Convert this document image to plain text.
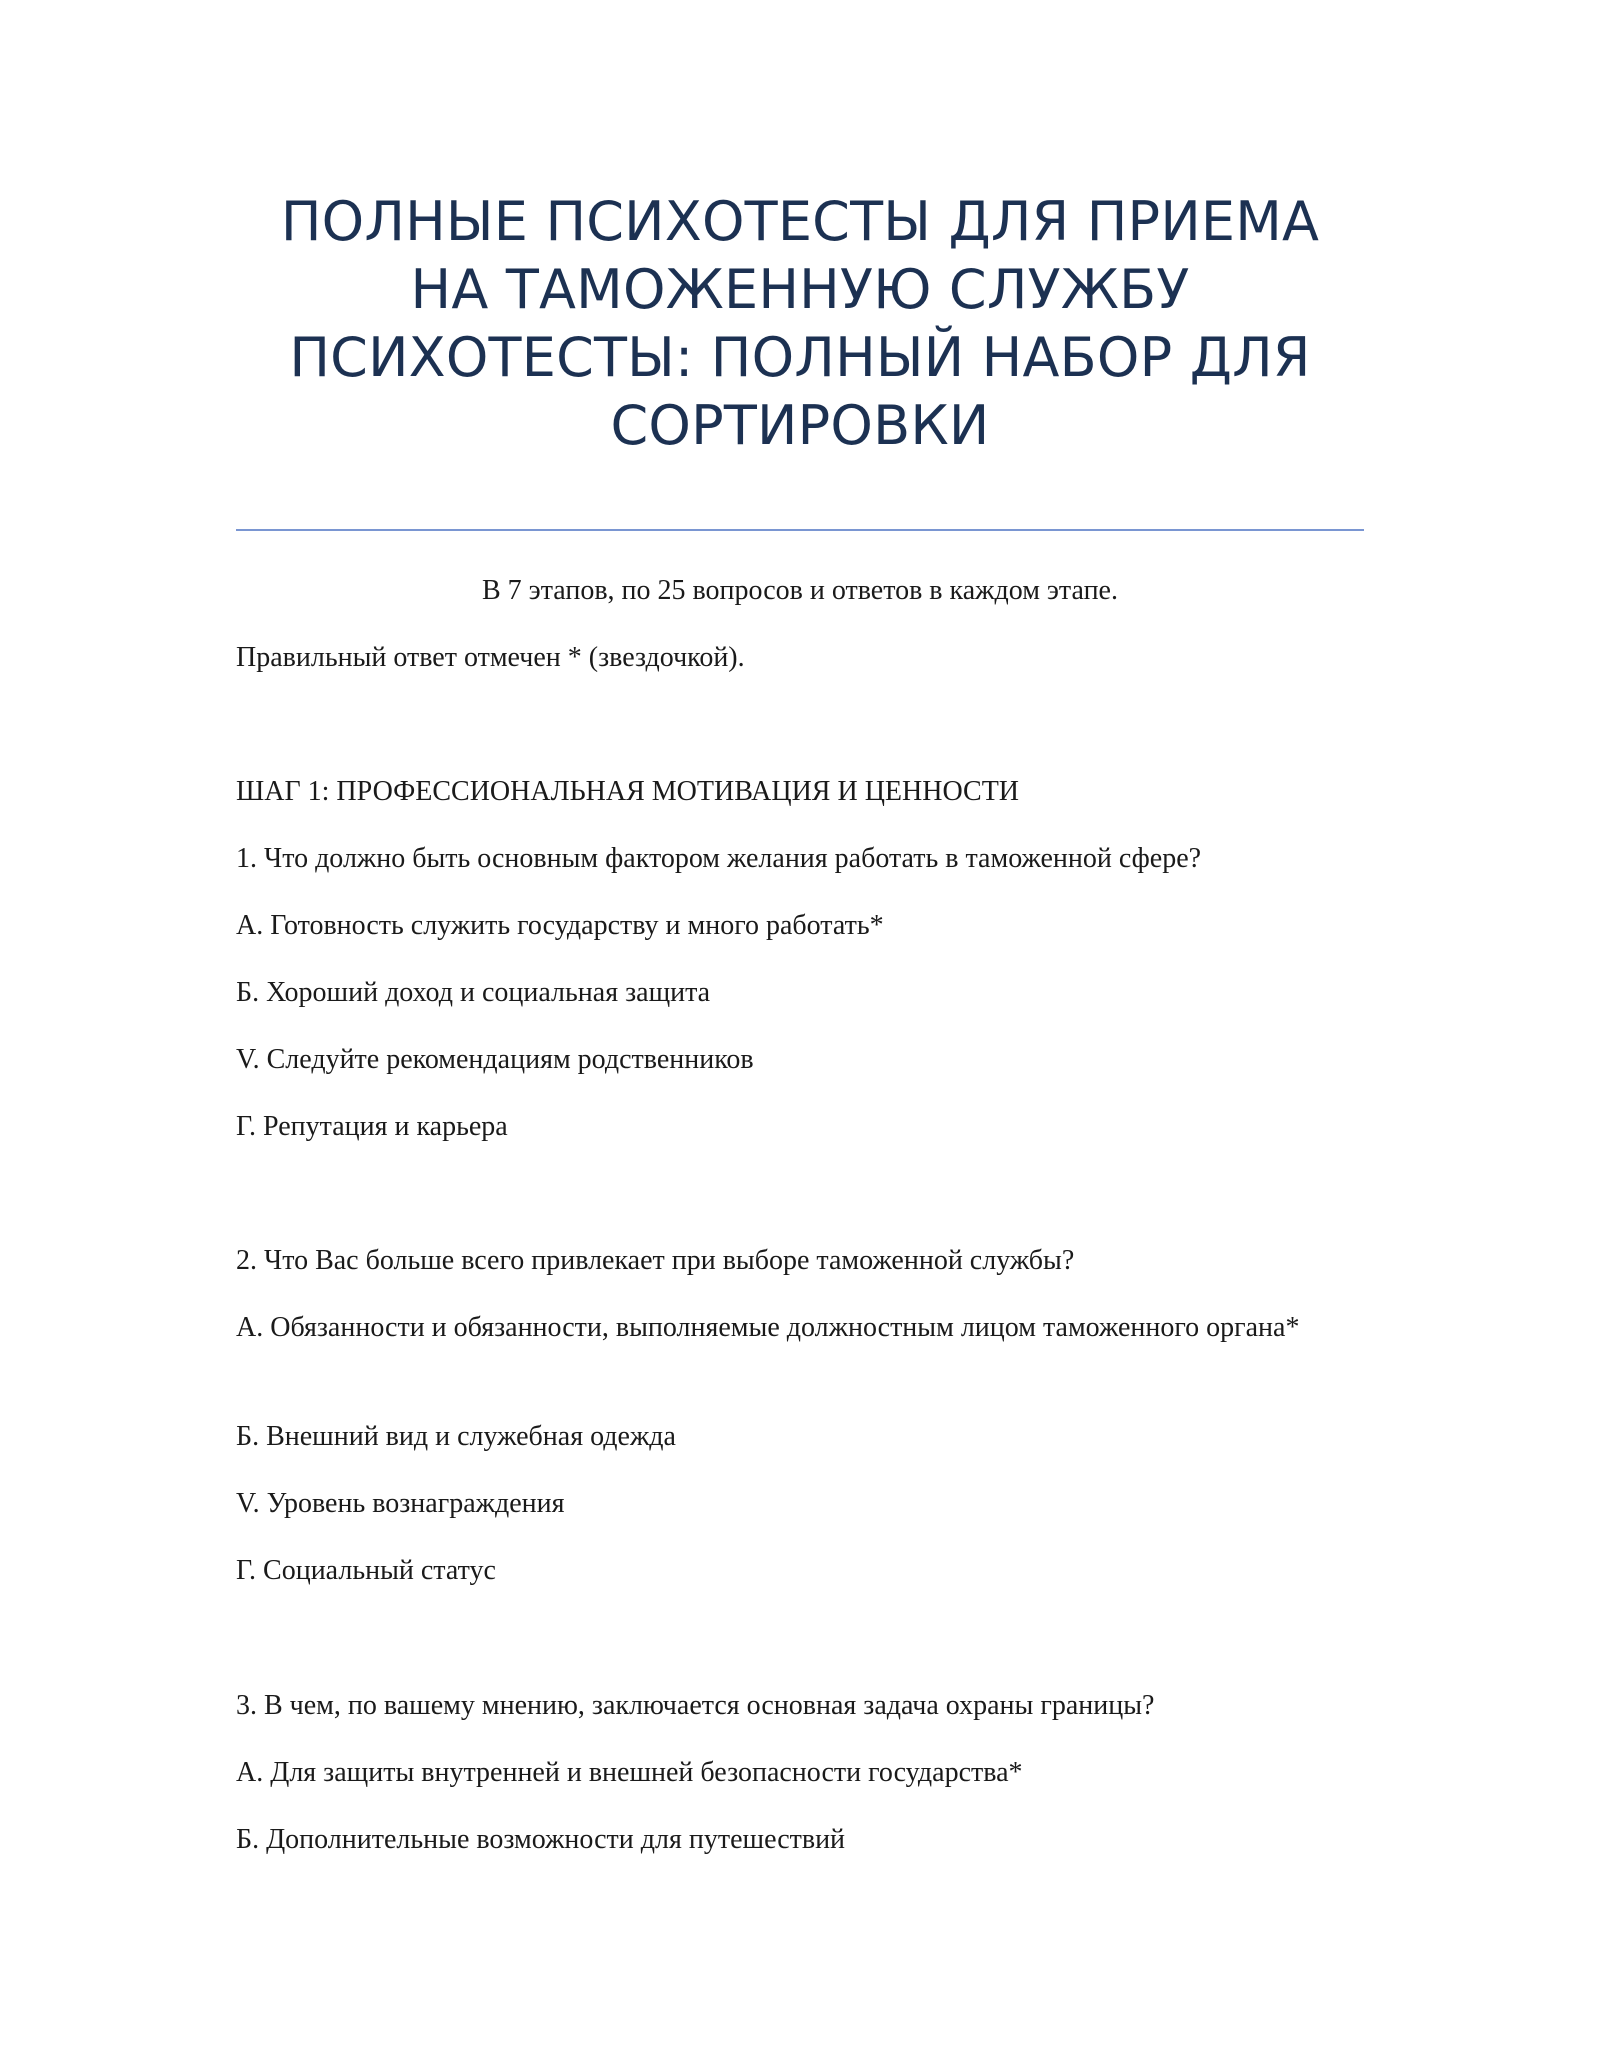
ПОЛНЫЕ ПСИХОТЕСТЫ ДЛЯ ПРИЕМА
НА ТАМОЖЕННУЮ СЛУЖБУ
ПСИХОТЕСТЫ: ПОЛНЫЙ НАБОР ДЛЯ
СОРТИРОВКИ

В 7 этапов, по 25 вопросов и ответов в каждом этапе.

Правильный ответ отмечен * (звездочкой).

ШАГ 1: ПРОФЕССИОНАЛЬНАЯ МОТИВАЦИЯ И ЦЕННОСТИ

1. Что должно быть основным фактором желания работать в таможенной сфере?

А. Готовность служить государству и много работать*

Б. Хороший доход и социальная защита

V. Следуйте рекомендациям родственников

Г. Репутация и карьера

2. Что Вас больше всего привлекает при выборе таможенной службы?

А. Обязанности и обязанности, выполняемые должностным лицом таможенного органа*

Б. Внешний вид и служебная одежда

V. Уровень вознаграждения

Г. Социальный статус

3. В чем, по вашему мнению, заключается основная задача охраны границы?

А. Для защиты внутренней и внешней безопасности государства*

Б. Дополнительные возможности для путешествий
